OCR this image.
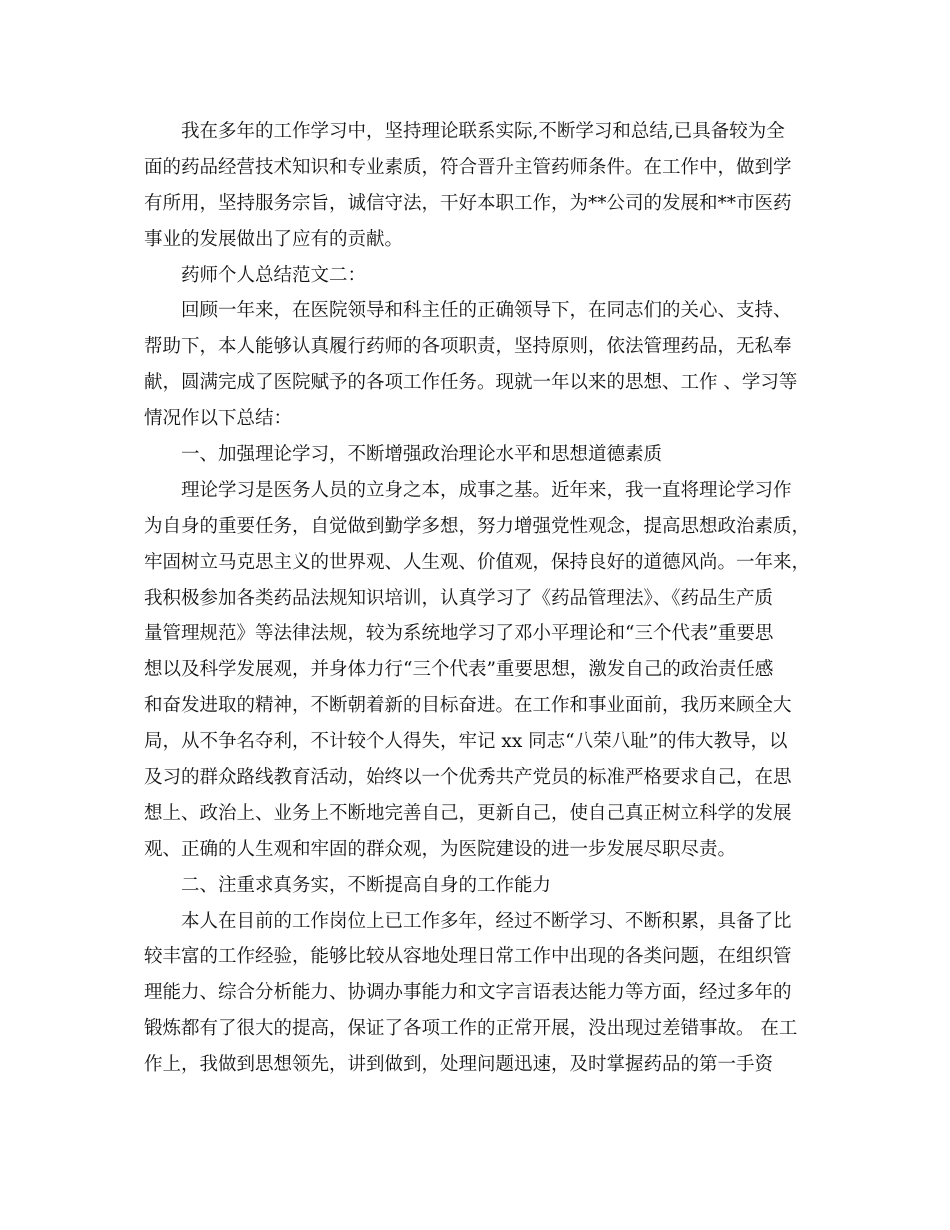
我在多年的工作学习中，坚持理论联系实际,不断学习和总结,已具备较为全
面的药品经营技术知识和专业素质，符合晋升主管药师条件。在工作中，做到学
有所用，坚持服务宗旨，诚信守法，干好本职工作，为**公司的发展和**市医药
事业的发展做出了应有的贡献。
药师个人总结范文二：
回顾一年来，在医院领导和科主任的正确领导下，在同志们的关心、支持、
帮助下，本人能够认真履行药师的各项职责，坚持原则，依法管理药品，无私奉
献，圆满完成了医院赋予的各项工作任务。现就一年以来的思想、工作 、学习等
情况作以下总结：
一、加强理论学习，不断增强政治理论水平和思想道德素质
理论学习是医务人员的立身之本，成事之基。近年来，我一直将理论学习作
为自身的重要任务，自觉做到勤学多想，努力增强党性观念，提高思想政治素质，
牢固树立马克思主义的世界观、人生观、价值观，保持良好的道德风尚。一年来，
我积极参加各类药品法规知识培训，认真学习了《药品管理法》、《药品生产质
量管理规范》等法律法规，较为系统地学习了邓小平理论和“三个代表”重要思
想以及科学发展观，并身体力行“三个代表”重要思想，激发自己的政治责任感
和奋发进取的精神，不断朝着新的目标奋进。在工作和事业面前，我历来顾全大
局，从不争名夺利，不计较个人得失，牢记 xx 同志“八荣八耻”的伟大教导，以
及习的群众路线教育活动，始终以一个优秀共产党员的标准严格要求自己，在思
想上、政治上、业务上不断地完善自己，更新自己，使自己真正树立科学的发展
观、正确的人生观和牢固的群众观，为医院建设的进一步发展尽职尽责。
二、注重求真务实，不断提高自身的工作能力
本人在目前的工作岗位上已工作多年，经过不断学习、不断积累，具备了比
较丰富的工作经验，能够比较从容地处理日常工作中出现的各类问题，在组织管
理能力、综合分析能力、协调办事能力和文字言语表达能力等方面，经过多年的
锻炼都有了很大的提高，保证了各项工作的正常开展，没出现过差错事故。 在工
作上，我做到思想领先，讲到做到，处理问题迅速，及时掌握药品的第一手资
